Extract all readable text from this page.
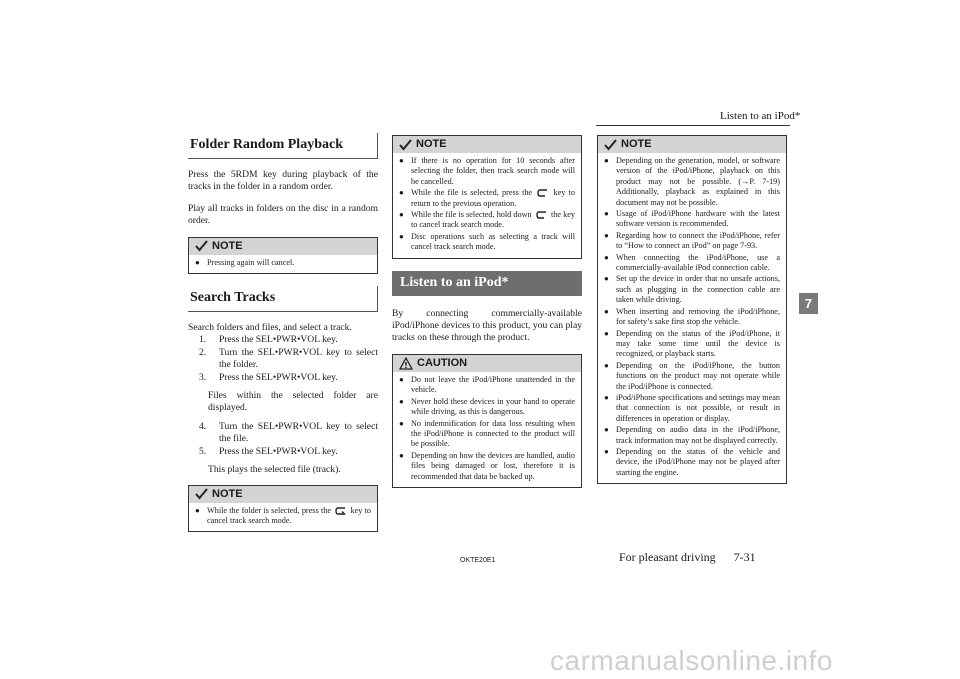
Listen to an iPod*
7
Folder Random Playback

Press the 5RDM key during playback of the tracks in the folder in a random order.

Play all tracks in folders on the disc in a random order.

NOTE
● Pressing again will cancel.
Search Tracks

Search folders and files, and select a track.

1.	Press the SEL•PWR•VOL key.
2.	Turn the SEL•PWR•VOL key to select the folder.
3.	Press the SEL•PWR•VOL key.
Files within the selected folder are displayed.
4.	Turn the SEL•PWR•VOL key to select the file.
5.	Press the SEL•PWR•VOL key.
This plays the selected file (track).
NOTE
● While the folder is selected, press the key to cancel track search mode.
NOTE
● If there is no operation for 10 seconds after selecting the folder, then track search mode will be cancelled.
● While the file is selected, press the	key to return to the previous operation.
● While the file is selected, hold down the key to cancel track search mode.
● Disc operations such as selecting a track will cancel track search mode.
Listen to an iPod*

By connecting commercially-available iPod/iPhone devices to this product, you can play tracks on these through the product.

CAUTION
● Do not leave the iPod/iPhone unattended in the vehicle.
● Never hold these devices in your hand to operate while driving, as this is dangerous.
● No indemnification for data loss resulting when the iPod/iPhone is connected to the product will be possible.
● Depending on how the devices are handled, audio files being damaged or lost, therefore it is recommended that data be backed up.
NOTE
● Depending on the generation, model, or software version of the iPod/iPhone, playback on this product may not be possible. (→P. 7-19) Additionally, playback as explained in this document may not be possible.
● Usage of iPod/iPhone hardware with the latest software version is recommended.
● Regarding how to connect the iPod/iPhone, refer to “How to connect an iPod” on page 7-93.
● When connecting the iPod/iPhone, use a commercially-available iPod connection cable.
● Set up the device in order that no unsafe actions, such as plugging in the connection cable are taken while driving.
● When inserting and removing the iPod/iPhone, for safety’s sake first stop the vehicle.
● Depending on the status of the iPod/iPhone, it may take some time until the device is recognized, or playback starts.
● Depending on the iPod/iPhone, the button functions on the product may not operate while the iPod/iPhone is connected.
● iPod/iPhone specifications and settings may mean that connection is not possible, or result in differences in operation or display.
● Depending on audio data in the iPod/iPhone, track information may not be displayed correctly.
● Depending on the status of the vehicle and device, the iPod/iPhone may not be played after starting the engine.
OKTE20E1	For pleasant driving 7-31
carmanualsonline.info
